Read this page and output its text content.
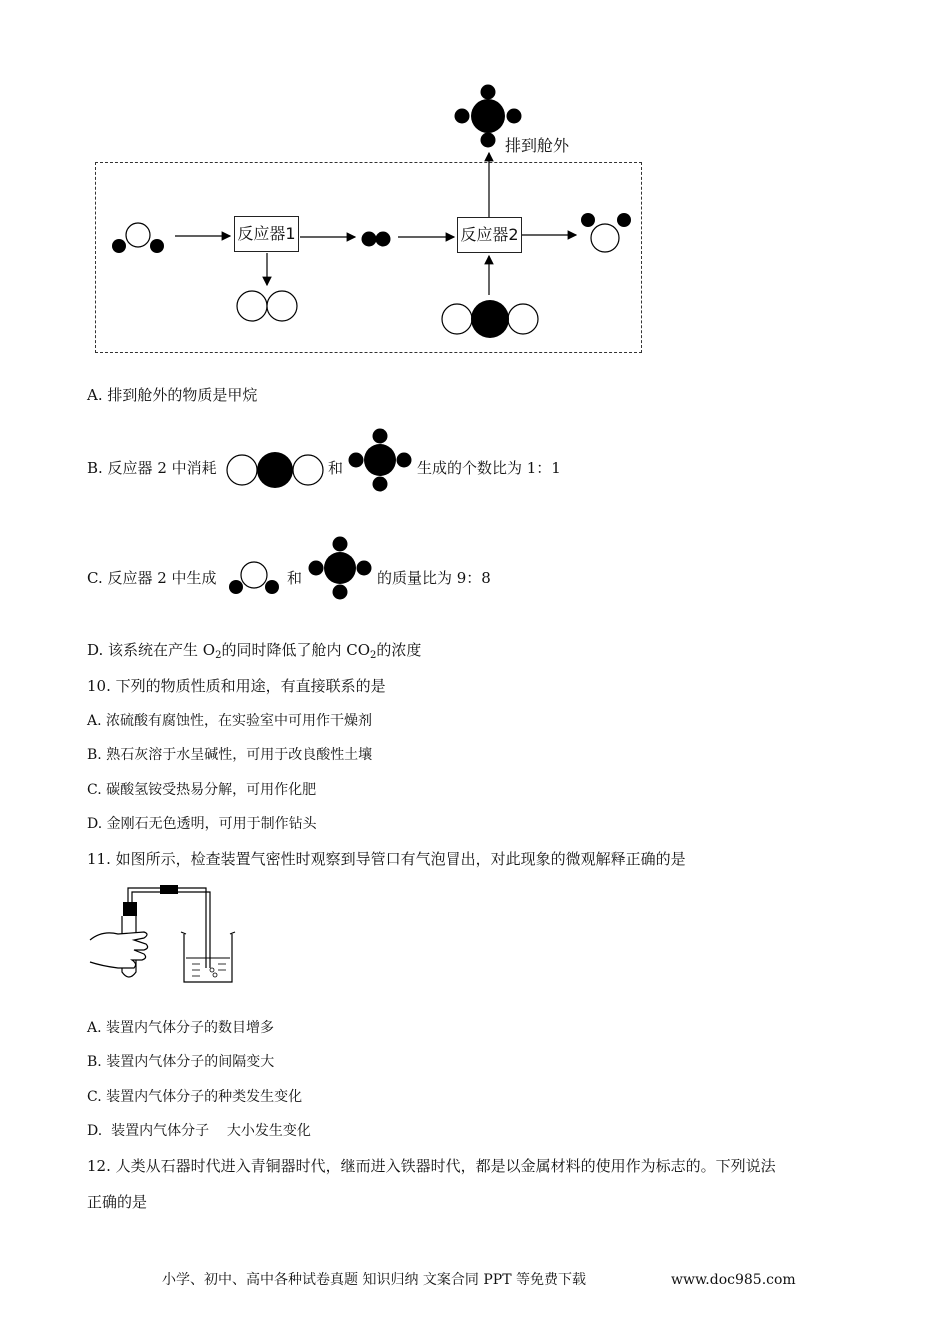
排到舱外
反应器1	反应器2
A. 排到舱外的物质是甲烷
B. 反应器 2 中消耗	和	生成的个数比为 1：1
C. 反应器 2 中生成	和	的质量比为 9：8
D. 该系统在产生 $O_2$的同时降低了舱内 $CO_2$的浓度
10. 下列的物质性质和用途，有直接联系的是
A. 浓硫酸有腐蚀性，在实验室中可用作干燥剂
B. 熟石灰溶于水呈碱性，可用于改良酸性土壤
C. 碳酸氢铵受热易分解，可用作化肥
D. 金刚石无色透明，可用于制作钻头
11. 如图所示，检查装置气密性时观察到导管口有气泡冒出，对此现象的微观解释正确的是
A. 装置内气体分子的数目增多
B. 装置内气体分子的间隔变大
C. 装置内气体分子的种类发生变化
D.  装置内气体分子    大小发生变化
12. 人类从石器时代进入青铜器时代，继而进入铁器时代，都是以金属材料的使用作为标志的。下列说法
正确的是
小学、初中、高中各种试卷真题 知识归纳 文案合同 PPT 等免费下载	www.doc985.com
